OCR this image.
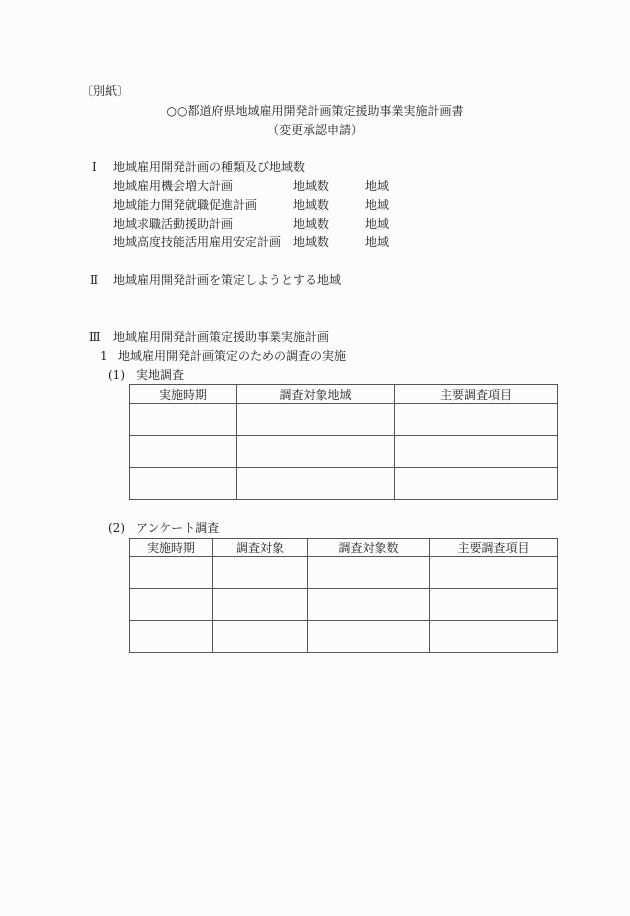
〔別紙〕
○○都道府県地域雇用開発計画策定援助事業実施計画書
（変更承認申請）
Ⅰ 地域雇用開発計画の種類及び地域数
地域雇用機会増大計画	地域数	地域
地域能力開発就職促進計画	地域数	地域
地域求職活動援助計画	地域数	地域
地域高度技能活用雇用安定計画 地域数	地域
Ⅱ 地域雇用開発計画を策定しようとする地域
Ⅲ 地域雇用開発計画策定援助事業実施計画
1 地域雇用開発計画策定のための調査の実施
(1) 実地調査
実施時期	調査対象地域	主要調査項目

(2) アンケート調査
実施時期	調査対象	調査対象数	主要調査項目
